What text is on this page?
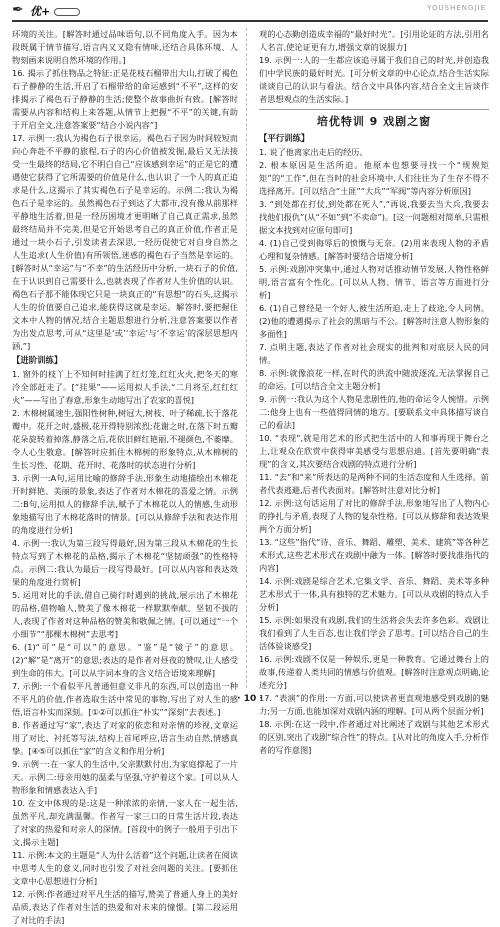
✒ 优+	YOUSHENGJIE

环境的关注。[解答时通过品味语句,以不同角度入手。因为本段既属于情节描写,语言内又又隐有情味,还结合具体环境、人物刻画来说明自然环境的作用。]

16. 揭示了抓住物品之特征:正是花枝石榴带出大山,打破了褐色石子静静的生活,开启了石榴带给的命运感到“不平”,这样的安排揭示了褐色石子静静的生活;使整个故事曲折有致。[解答时需要从内容和结构上来答题,从情节上把握“不平”的关键,有助于开启全文,注意答案要“结合小说内容”]

17. 示例一:我认为褐色石子很幸运。褐色石子因为时间较短而向心奔赴不平静的旅程,石子的内心价值被发掘,最后又无法接受一生最终的结局,它不明白自己“应该感到幸运”的正是它的遭遇使它获得了它所需要的价值是什么,也认识了一个人的真正追求是什么,这揭示了其实褐色石子是幸运的。示例二:我认为褐色石子是幸运的。虽然褐色石子到达了大都市,没有像从前那样平静地生活着,但是一经历困境才更明晰了自己真正需求,虽然最终结局并不完美,但是它开始思考自己的真正价值,作者正是通过一块小石子,引发读者去深思,一经历促使它对自身自然之人生追求(人生价值)有所领悟,迷惑的褐色石子当然是幸运的。[解答时从“幸运”与“不幸”的生活经历中分析,一块石子的价值,在于认识到自己需要什么,也就表现了作者对人生价值的认识。褐色石子那不能体现它只是一块真正的“有思想”的石头,这揭示人生的价值要自己追求,能获得这就是幸运。解答时,要把握住文本中人物的情况,结合主题思想进行分析,注意答案要以作者为出发点思考,可从“这里是‘或’‘幸运’与‘不幸运’的深层思想内涵,”]

【进阶训练】

1. 窗外的枝丫上不知何时挂满了红灯笼,红红火火,把冬天的寒冷全部赶走了。[“挂果”——运用拟人手法,“二月将至,红红红火”——写出了春意,形象生动地写出了农家的喜悦]

2. 木棉树属速生,强阳性树种,树冠大,树枝、叶子稀疏,长于落花瓣中。花开之时,盛极,花开得特别浓烈;花谢之时,在落下时五瓣花朵旋转着掉落,静落之后,花依旧鲜红艳丽,不褪颜色,不萎靡。令人心生敬意。[解答时应抓住木棉树的形象特点,从木棉树的生长习性、花期、花开时、花落时的状态进行分析]

3. 示例一:A句,运用比喻的修辞手法,形象生动地描绘出木棉花开时鲜艳、美丽的景象,表达了作者对木棉花的喜爱之情。示例二:B句,运用拟人的修辞手法,赋予了木棉花以人的情感,生动形象地描写出了木棉花落时的情景。[可以从修辞手法和表达作用的角度进行分析]

4. 示例一:我认为第三段写得最好,因为第三段从木棉花的生长特点写到了木棉花的品格,揭示了木棉花“坚韧顽强”的性格特点。示例二:我认为最后一段写得最好。[可以从内容和表达效果的角度进行赏析]

5. 运用对比的手法,借自己骑行时遇到的挑战,展示出了木棉花的品格,借物喻人,赞美了像木棉花一样默默奉献、坚韧不拔的人,表现了作者对这种品格的赞美和敬佩之情。[可以通过“一个小细节”“那棵木棉树”去思考]

6. (1)“可”是“可以”的意思。“鉴”是“镜子”的意思。(2)“解”是“离开”的意思;表达的是作者对昼夜的赞叹,让人感受到生命的伟大。[可以从字词本身的含义结合语境来理解]

7. 示例:一个看似平凡普通但意义非凡的东西,可以创造出一种不平凡的价值,作者选取生活中常见的事物,写出了对人生的感悟,语言朴实而深刻。[①②可以抓住“朴实”“深刻”去表述。]

8. 作者通过写“家”,表达了对家的依恋和对亲情的珍视,文章运用了对比、衬托等写法,结构上首尾呼应,语言生动自然,情感真挚。[④⑤可以抓住“家”的含义和作用分析]

9. 示例一:在一家人的生活中,父亲默默付出,为家庭撑起了一片天。示例二:母亲用她的温柔与坚强,守护着这个家。[可以从人物形象和情感表达入手]

10. 在文中体现的是:这是一种浓浓的亲情,一家人在一起生活,虽然平凡,却充满温馨。作者写一家三口的日常生活片段,表达了对家的热爱和对亲人的深情。[首段中的例子一般用于引出下文,揭示主题]

11. 示例:本文的主题是“人为什么活着”这个问题,让读者在阅读中思考人生的意义,同时也引发了对社会问题的关注。[要抓住文章中心思想进行分析]

12. 示例:作者通过对平凡生活的描写,赞美了普通人身上的美好品质,表达了作者对生活的热爱和对未来的憧憬。[第二段运用了对比的手法]

观的心态勤创造成幸福的“最好时光”。[引用论证的方法,引用名人名言,使论证更有力,增强文章的说服力]

19. 示例一:人的一生都应该追寻属于我们自己的时光,并创造我们中学民族的最好时光。[可分析文章的中心论点,结合生活实际谈谈自己的认识与看法。结合文中具体内容,结合全文主旨谈作者思想观点的生活实际。]

培优特训 9 戏剧之窗
【平行训练】

1. 说了他离家出走后的经历。

2. 根本原因是生活所迫。他原本也想要寻找一个“规规矩矩”的“工作”,但在当时的社会环境中,人们往往为了生存不得不选择离开。[可以结合“土匪”“大兵”“军阀”等内容分析原因]

3. “到处都在打仗,到处都在死人”,“再说,我要去当大兵,我要去找他们报仇”(从“不如”到“不卖命”)。[这一问题相对简单,只需根据文本找到对应原句即可]

4. (1)自己受到侮辱后的愤慨与无奈。(2)用来表现人物的矛盾心理和复杂情感。[解答时要结合语境分析]

5. 示例:戏剧冲突集中,通过人物对话推动情节发展,人物性格鲜明,语言富有个性化。[可以从人物、情节、语言等方面进行分析]

6. (1)自己曾经是一个好人,被生活所迫,走上了歧途,令人同情。(2)他的遭遇揭示了社会的黑暗与不公。[解答时注意人物形象的多面性]

7. 点明主题,表达了作者对社会现实的批判和对底层人民的同情。

8. 示例:就像浪花一样,在时代的洪流中随波逐流,无法掌握自己的命运。[可以结合全文主题分析]

9. 示例一:我认为这个人物是悲剧性的,他的命运令人惋惜。示例二:他身上也有一些值得同情的地方。[要联系文中具体描写谈自己的看法]

10. “表现”,就是用艺术的形式把生活中的人和事再现于舞台之上,让观众在欣赏中获得审美感受与思想启迪。[首先要明确“表现”的含义,其次要结合戏剧的特点进行分析]

11. “去”和“来”所表达的是两种不同的生活态度和人生选择。前者代表逃避,后者代表面对。[解答时注意对比分析]

12. 示例:这句话运用了对比的修辞手法,形象地写出了人物内心的挣扎与矛盾,表现了人物的复杂性格。[可以从修辞和表达效果两个方面分析]

13. “这些”指代“诗、音乐、舞蹈、雕塑、美术、建筑”等各种艺术形式,这些艺术形式在戏剧中融为一体。[解答时要找准指代的内容]

14. 示例:戏剧是综合艺术,它集文学、音乐、舞蹈、美术等多种艺术形式于一体,具有独特的艺术魅力。[可以从戏剧的特点入手分析]

15. 示例:如果没有戏剧,我们的生活将会失去许多色彩。戏剧让我们看到了人生百态,也让我们学会了思考。[可以结合自己的生活体验谈感受]

16. 示例:戏剧不仅是一种娱乐,更是一种教育。它通过舞台上的故事,传递着人类共同的情感与价值观。[解答时注意观点明确,论述充分]

17. “表演”的作用:一方面,可以使读者更直观地感受到戏剧的魅力;另一方面,也能加深对戏剧内涵的理解。[可从两个层面分析]

18. 示例:在这一段中,作者通过对比阐述了戏剧与其他艺术形式的区别,突出了戏剧“综合性”的特点。[从对比的角度入手,分析作者的写作意图]

· 10 ·
